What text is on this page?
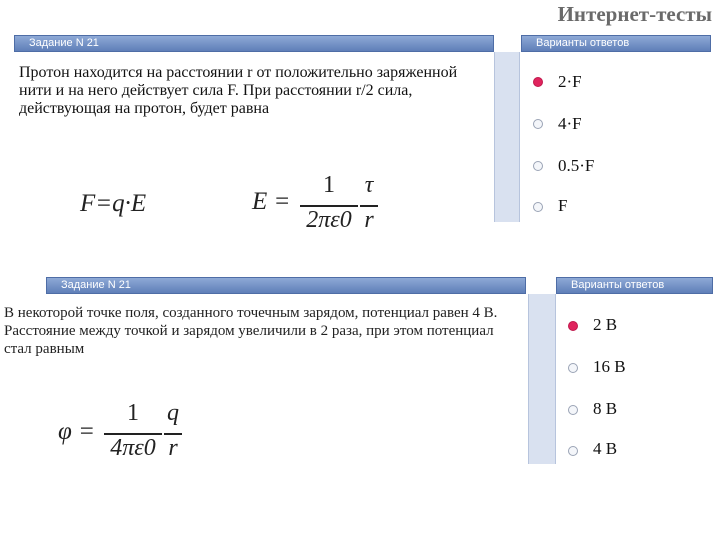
Интернет-тесты
Задание N 21	Варианты ответов
Протон находится на расстоянии r от положительно заряженной нити и на него действует сила F. При расстоянии r/2 сила, действующая на протон, будет равна
F=q·E	E =
1
2πε0
τ
r
2·F
4·F
0.5·F
F
Задание N 21	Варианты ответов
В некоторой точке поля, созданного точечным зарядом, потенциал равен 4 В. Расстояние между точкой и зарядом увеличили в 2 раза, при этом потенциал стал равным
φ =
1
4πε0
q
r
2 В
16 В
8 В
4 В
